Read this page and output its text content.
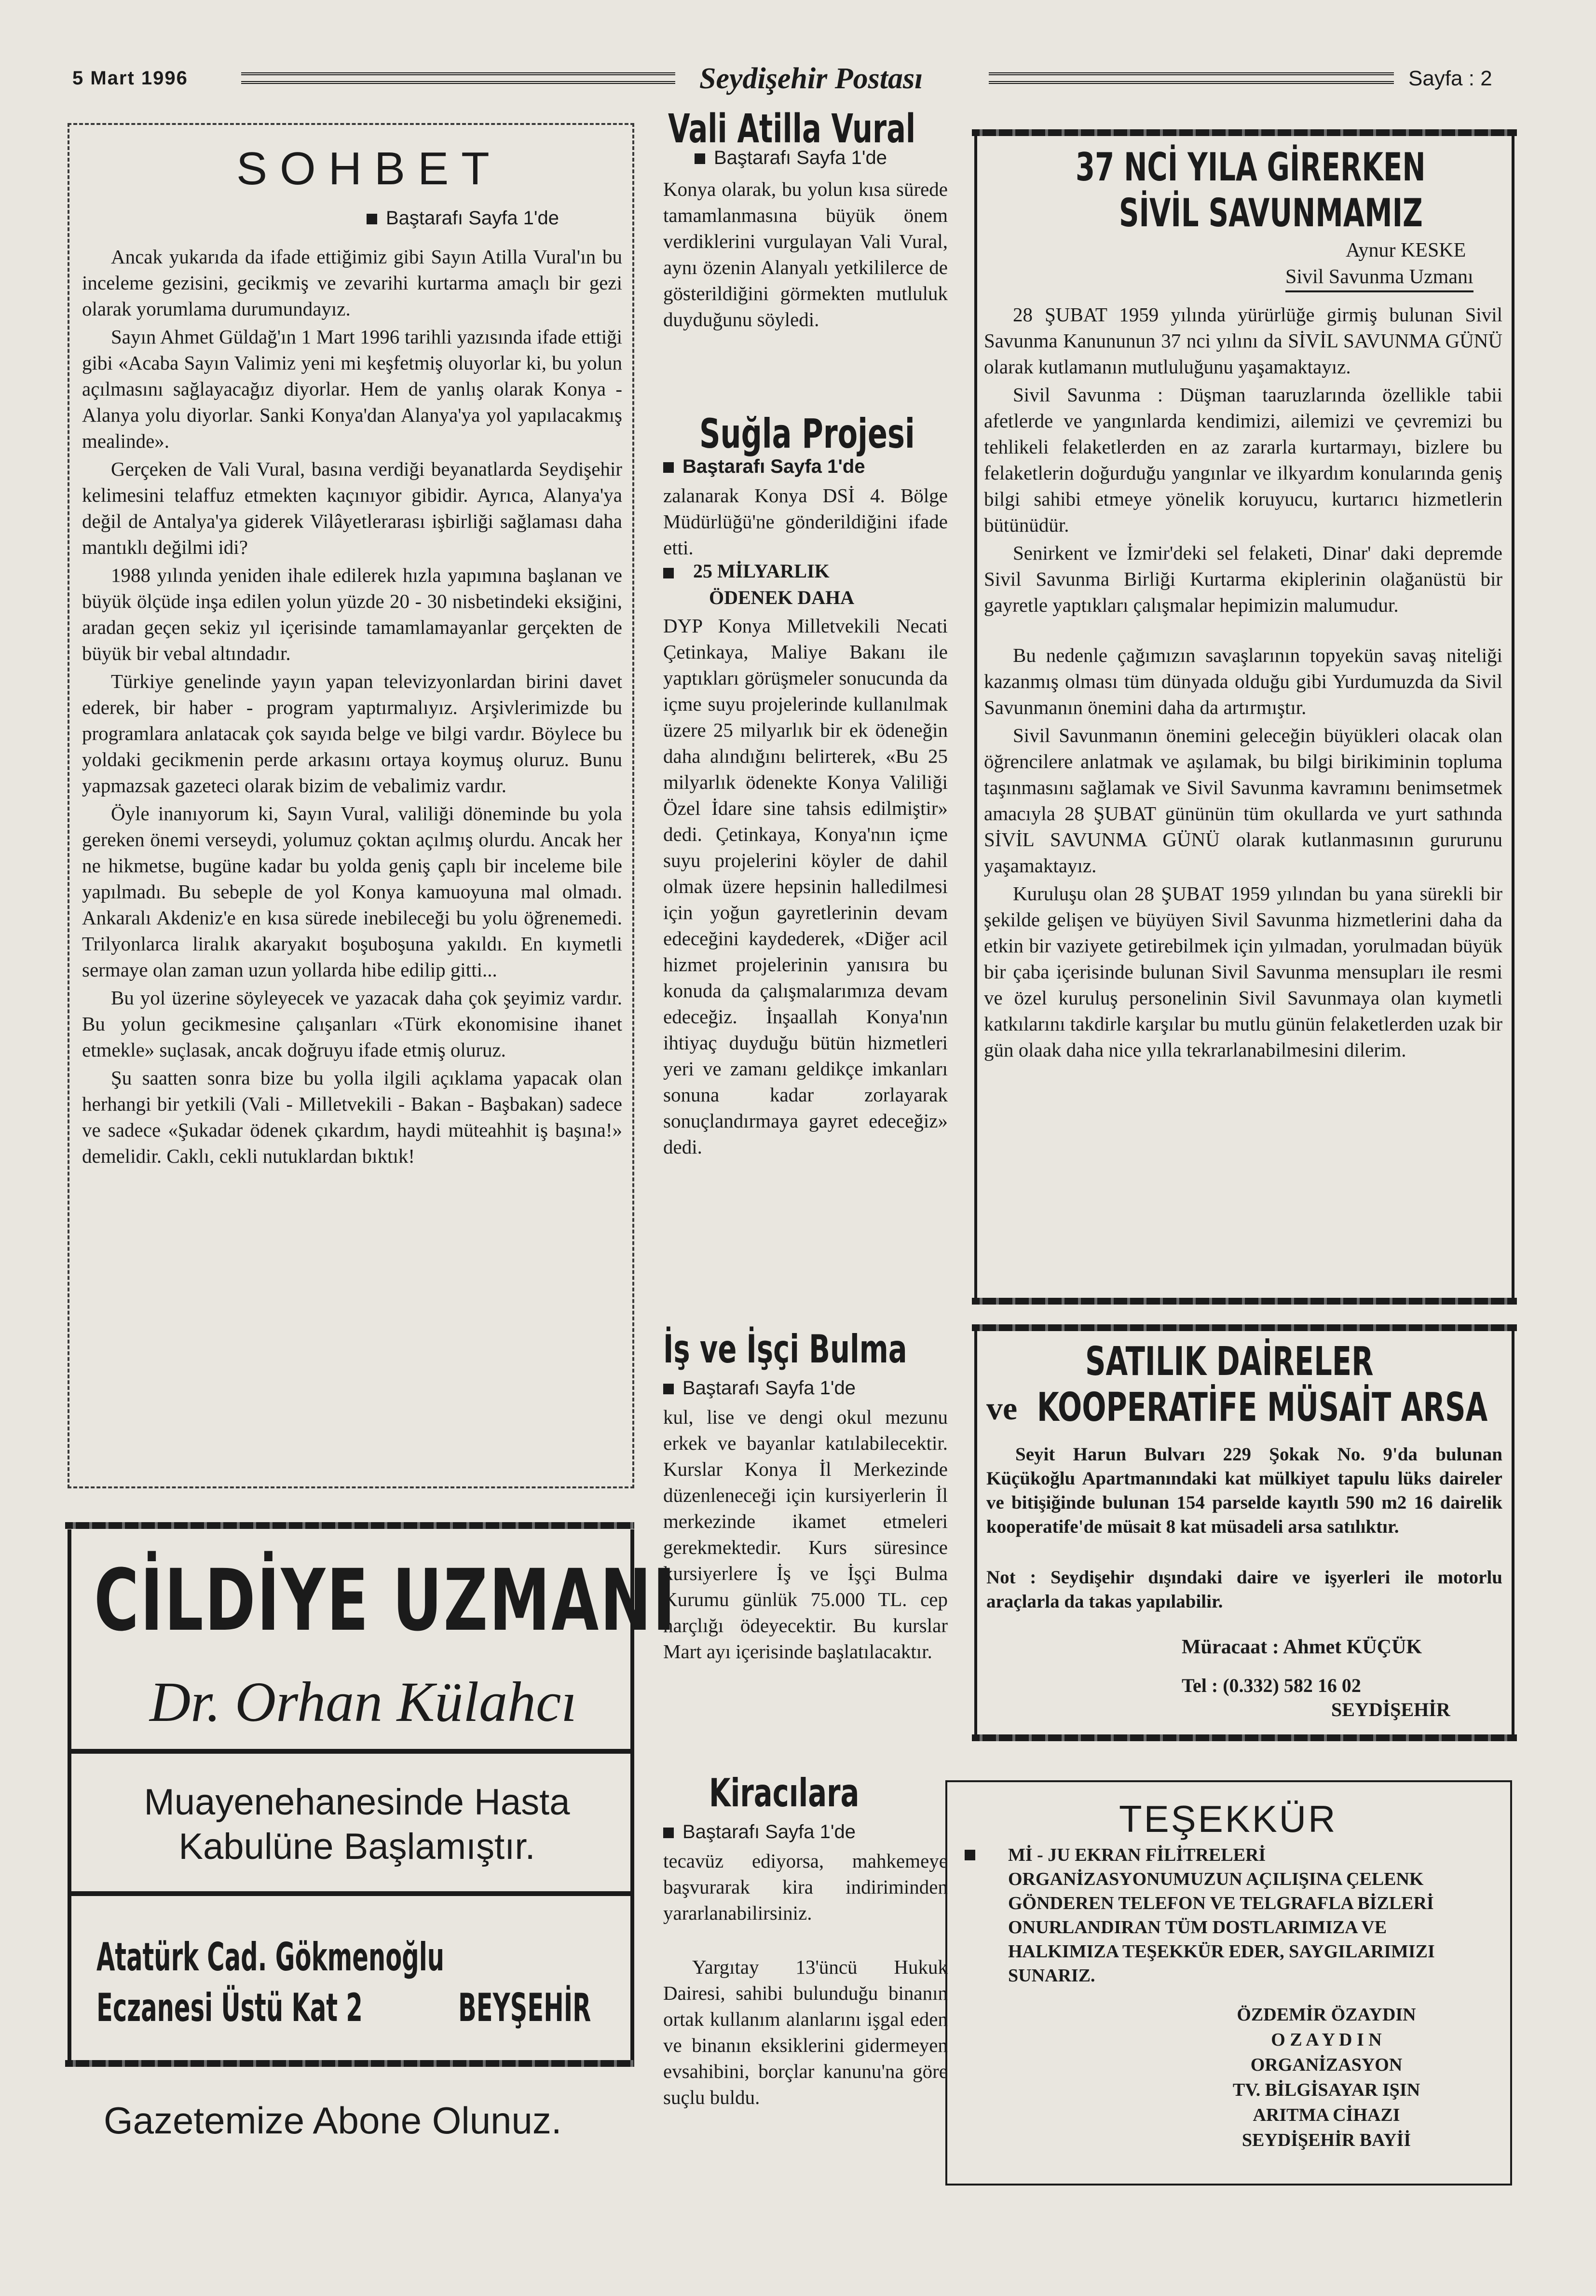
5 Mart 1996	Seydişehir Postası	Sayfa : 2
SOHBET
Baştarafı Sayfa 1'de

Ancak yukarıda da ifade ettiğimiz gibi Sayın Atilla Vural'ın bu inceleme gezisini, gecikmiş ve zevarihi kurtarma amaçlı bir gezi olarak yorumlama durumundayız.

Sayın Ahmet Güldağ'ın 1 Mart 1996 tarihli yazısında ifade ettiği gibi «Acaba Sayın Valimiz yeni mi keşfetmiş oluyorlar ki, bu yolun açılmasını sağlayacağız diyorlar. Hem de yanlış olarak Konya - Alanya yolu diyorlar. Sanki Konya'dan Alanya'ya yol yapılacakmış mealinde».

Gerçeken de Vali Vural, basına verdiği beyanatlarda Seydişehir kelimesini telaffuz etmekten kaçınıyor gibidir. Ayrıca, Alanya'ya değil de Antalya'ya giderek Vilâyetlerarası işbirliği sağlaması daha mantıklı değilmi idi?

1988 yılında yeniden ihale edilerek hızla yapımına başlanan ve büyük ölçüde inşa edilen yolun yüzde 20 - 30 nisbetindeki eksiğini, aradan geçen sekiz yıl içerisinde tamamlamayanlar gerçekten de büyük bir vebal altındadır.

Türkiye genelinde yayın yapan televizyonlardan birini davet ederek, bir haber - program yaptırmalıyız. Arşivlerimizde bu programlara anlatacak çok sayıda belge ve bilgi vardır. Böylece bu yoldaki gecikmenin perde arkasını ortaya koymuş oluruz. Bunu yapmazsak gazeteci olarak bizim de vebalimiz vardır.

Öyle inanıyorum ki, Sayın Vural, valiliği döneminde bu yola gereken önemi verseydi, yolumuz çoktan açılmış olurdu. Ancak her ne hikmetse, bugüne kadar bu yolda geniş çaplı bir inceleme bile yapılmadı. Bu sebeple de yol Konya kamuoyuna mal olmadı. Ankaralı Akdeniz'e en kısa sürede inebileceği bu yolu öğrenemedi. Trilyonlarca liralık akaryakıt boşuboşuna yakıldı. En kıymetli sermaye olan zaman uzun yollarda hibe edilip gitti...

Bu yol üzerine söyleyecek ve yazacak daha çok şeyimiz vardır. Bu yolun gecikmesine çalışanları «Türk ekonomisine ihanet etmekle» suçlasak, ancak doğruyu ifade etmiş oluruz.

Şu saatten sonra bize bu yolla ilgili açıklama yapacak olan herhangi bir yetkili (Vali - Milletvekili - Bakan - Başbakan) sadece ve sadece «Şukadar ödenek çıkardım, haydi müteahhit iş başına!» demelidir. Caklı, cekli nutuklardan bıktık!

CİLDİYE UZMANI
Dr. Orhan Külahcı
Muayenehanesinde Hasta Kabulüne Başlamıştır.
Atatürk Cad. Gökmenoğlu
Eczanesi Üstü Kat 2 BEYŞEHİR
Gazetemize Abone Olunuz.
Vali Atilla Vural
Baştarafı Sayfa 1'de

Konya olarak, bu yolun kısa sürede tamamlanmasına büyük önem verdiklerini vurgulayan Vali Vural, aynı özenin Alanyalı yetkililerce de gösterildiğini görmekten mutluluk duyduğunu söyledi.

Suğla Projesi
Baştarafı Sayfa 1'de

zalanarak Konya DSİ 4. Bölge Müdürlüğü'ne gönderildiğini ifade etti.

25 MİLYARLIK
ÖDENEK DAHA

DYP Konya Milletvekili Necati Çetinkaya, Maliye Bakanı ile yaptıkları görüşmeler sonucunda da içme suyu projelerinde kullanılmak üzere 25 milyarlık bir ek ödeneğin daha alındığını belirterek, «Bu 25 milyarlık ödenekte Konya Valiliği Özel İdare sine tahsis edilmiştir» dedi. Çetinkaya, Konya'nın içme suyu projelerini köyler de dahil olmak üzere hepsinin halledilmesi için yoğun gayretlerinin devam edeceğini kaydederek, «Diğer acil hizmet projelerinin yanısıra bu konuda da çalışmalarımıza devam edeceğiz. İnşaallah Konya'nın ihtiyaç duyduğu bütün hizmetleri yeri ve zamanı geldikçe imkanları sonuna kadar zorlayarak sonuçlandırmaya gayret edeceğiz» dedi.

İş ve İşçi Bulma
Baştarafı Sayfa 1'de

kul, lise ve dengi okul mezunu erkek ve bayanlar katılabilecektir. Kurslar Konya İl Merkezinde düzenleneceği için kursiyerlerin İl merkezinde ikamet etmeleri gerekmektedir. Kurs süresince kursiyerlere İş ve İşçi Bulma Kurumu günlük 75.000 TL. cep harçlığı ödeyecektir. Bu kurslar Mart ayı içerisinde başlatılacaktır.

Kiracılara
Baştarafı Sayfa 1'de

tecavüz ediyorsa, mahkemeye başvurarak kira indiriminden yararlanabilirsiniz.

Yargıtay 13'üncü Hukuk Dairesi, sahibi bulunduğu binanın ortak kullanım alanlarını işgal eden ve binanın eksiklerini gidermeyen evsahibini, borçlar kanunu'na göre suçlu buldu.

37 NCİ YILA GİRERKEN
SİVİL SAVUNMAMIZ
Aynur KESKE
Sivil Savunma Uzmanı

28 ŞUBAT 1959 yılında yürürlüğe girmiş bulunan Sivil Savunma Kanununun 37 nci yılını da SİVİL SAVUNMA GÜNÜ olarak kutlamanın mutluluğunu yaşamaktayız.

Sivil Savunma : Düşman taaruzlarında özellikle tabii afetlerde ve yangınlarda kendimizi, ailemizi ve çevremizi bu tehlikeli felaketlerden en az zararla kurtarmayı, bizlere bu felaketlerin doğurduğu yangınlar ve ilkyardım konularında geniş bilgi sahibi etmeye yönelik koruyucu, kurtarıcı hizmetlerin bütünüdür.

Senirkent ve İzmir'deki sel felaketi, Dinar' daki depremde Sivil Savunma Birliği Kurtarma ekiplerinin olağanüstü bir gayretle yaptıkları çalışmalar hepimizin malumudur.

Bu nedenle çağımızın savaşlarının topyekün savaş niteliği kazanmış olması tüm dünyada olduğu gibi Yurdumuzda da Sivil Savunmanın önemini daha da artırmıştır.

Sivil Savunmanın önemini geleceğin büyükleri olacak olan öğrencilere anlatmak ve aşılamak, bu bilgi birikiminin topluma taşınmasını sağlamak ve Sivil Savunma kavramını benimsetmek amacıyla 28 ŞUBAT gününün tüm okullarda ve yurt sathında SİVİL SAVUNMA GÜNÜ olarak kutlanmasının gururunu yaşamaktayız.

Kuruluşu olan 28 ŞUBAT 1959 yılından bu yana sürekli bir şekilde gelişen ve büyüyen Sivil Savunma hizmetlerini daha da etkin bir vaziyete getirebilmek için yılmadan, yorulmadan büyük bir çaba içerisinde bulunan Sivil Savunma mensupları ile resmi ve özel kuruluş personelinin Sivil Savunmaya olan kıymetli katkılarını takdirle karşılar bu mutlu günün felaketlerden uzak bir gün olaak daha nice yılla tekrarlanabilmesini dilerim.

SATILIK DAİRELER
ve KOOPERATİFE MÜSAİT ARSA

Seyit Harun Bulvarı 229 Şokak No. 9'da bulunan Küçükoğlu Apartmanındaki kat mülkiyet tapulu lüks daireler ve bitişiğinde bulunan 154 parselde kayıtlı 590 m2 16 dairelik kooperatife'de müsait 8 kat müsadeli arsa satılıktır.

Not : Seydişehir dışındaki daire ve işyerleri ile motorlu araçlarla da takas yapılabilir.

Müracaat : Ahmet KÜÇÜK
Tel : (0.332) 582 16 02
SEYDİŞEHİR
TEŞEKKÜR

Mİ - JU EKRAN FİLİTRELERİ ORGANİZASYONUMUZUN AÇILIŞINA ÇELENK GÖNDEREN TELEFON VE TELGRAFLA BİZLERİ ONURLANDIRAN TÜM DOSTLARIMIZA VE HALKIMIZA TEŞEKKÜR EDER, SAYGILARIMIZI SUNARIZ.

ÖZDEMİR ÖZAYDIN
O Z A Y D I N
ORGANİZASYON
TV. BİLGİSAYAR IŞIN
ARITMA CİHAZI
SEYDİŞEHİR BAYİİ
